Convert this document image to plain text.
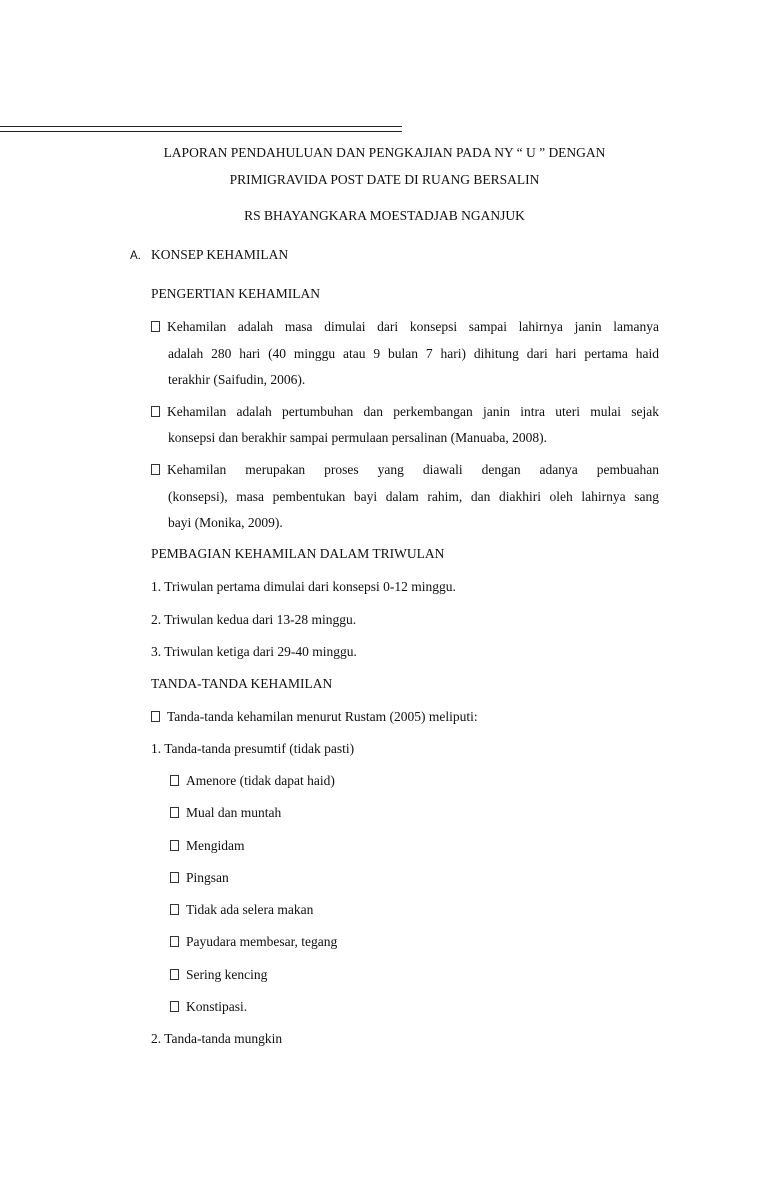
LAPORAN PENDAHULUAN DAN PENGKAJIAN PADA NY “ U ” DENGAN
PRIMIGRAVIDA POST DATE DI RUANG BERSALIN
RS BHAYANGKARA MOESTADJAB NGANJUK
A. KONSEP KEHAMILAN
PENGERTIAN KEHAMILAN
Kehamilan adalah masa dimulai dari konsepsi sampai lahirnya janin lamanya
adalah 280 hari (40 minggu atau 9 bulan 7 hari) dihitung dari hari pertama haid
terakhir (Saifudin, 2006).
Kehamilan adalah pertumbuhan dan perkembangan janin intra uteri mulai sejak
konsepsi dan berakhir sampai permulaan persalinan (Manuaba, 2008).
Kehamilan merupakan proses yang diawali dengan adanya pembuahan
(konsepsi), masa pembentukan bayi dalam rahim, dan diakhiri oleh lahirnya sang
bayi (Monika, 2009).
PEMBAGIAN KEHAMILAN DALAM TRIWULAN
1. Triwulan pertama dimulai dari konsepsi 0-12 minggu.
2. Triwulan kedua dari 13-28 minggu.
3. Triwulan ketiga dari 29-40 minggu.
TANDA-TANDA KEHAMILAN
Tanda-tanda kehamilan menurut Rustam (2005) meliputi:
1. Tanda-tanda presumtif (tidak pasti)
Amenore (tidak dapat haid)
Mual dan muntah
Mengidam
Pingsan
Tidak ada selera makan
Payudara membesar, tegang
Sering kencing
Konstipasi.
2. Tanda-tanda mungkin
